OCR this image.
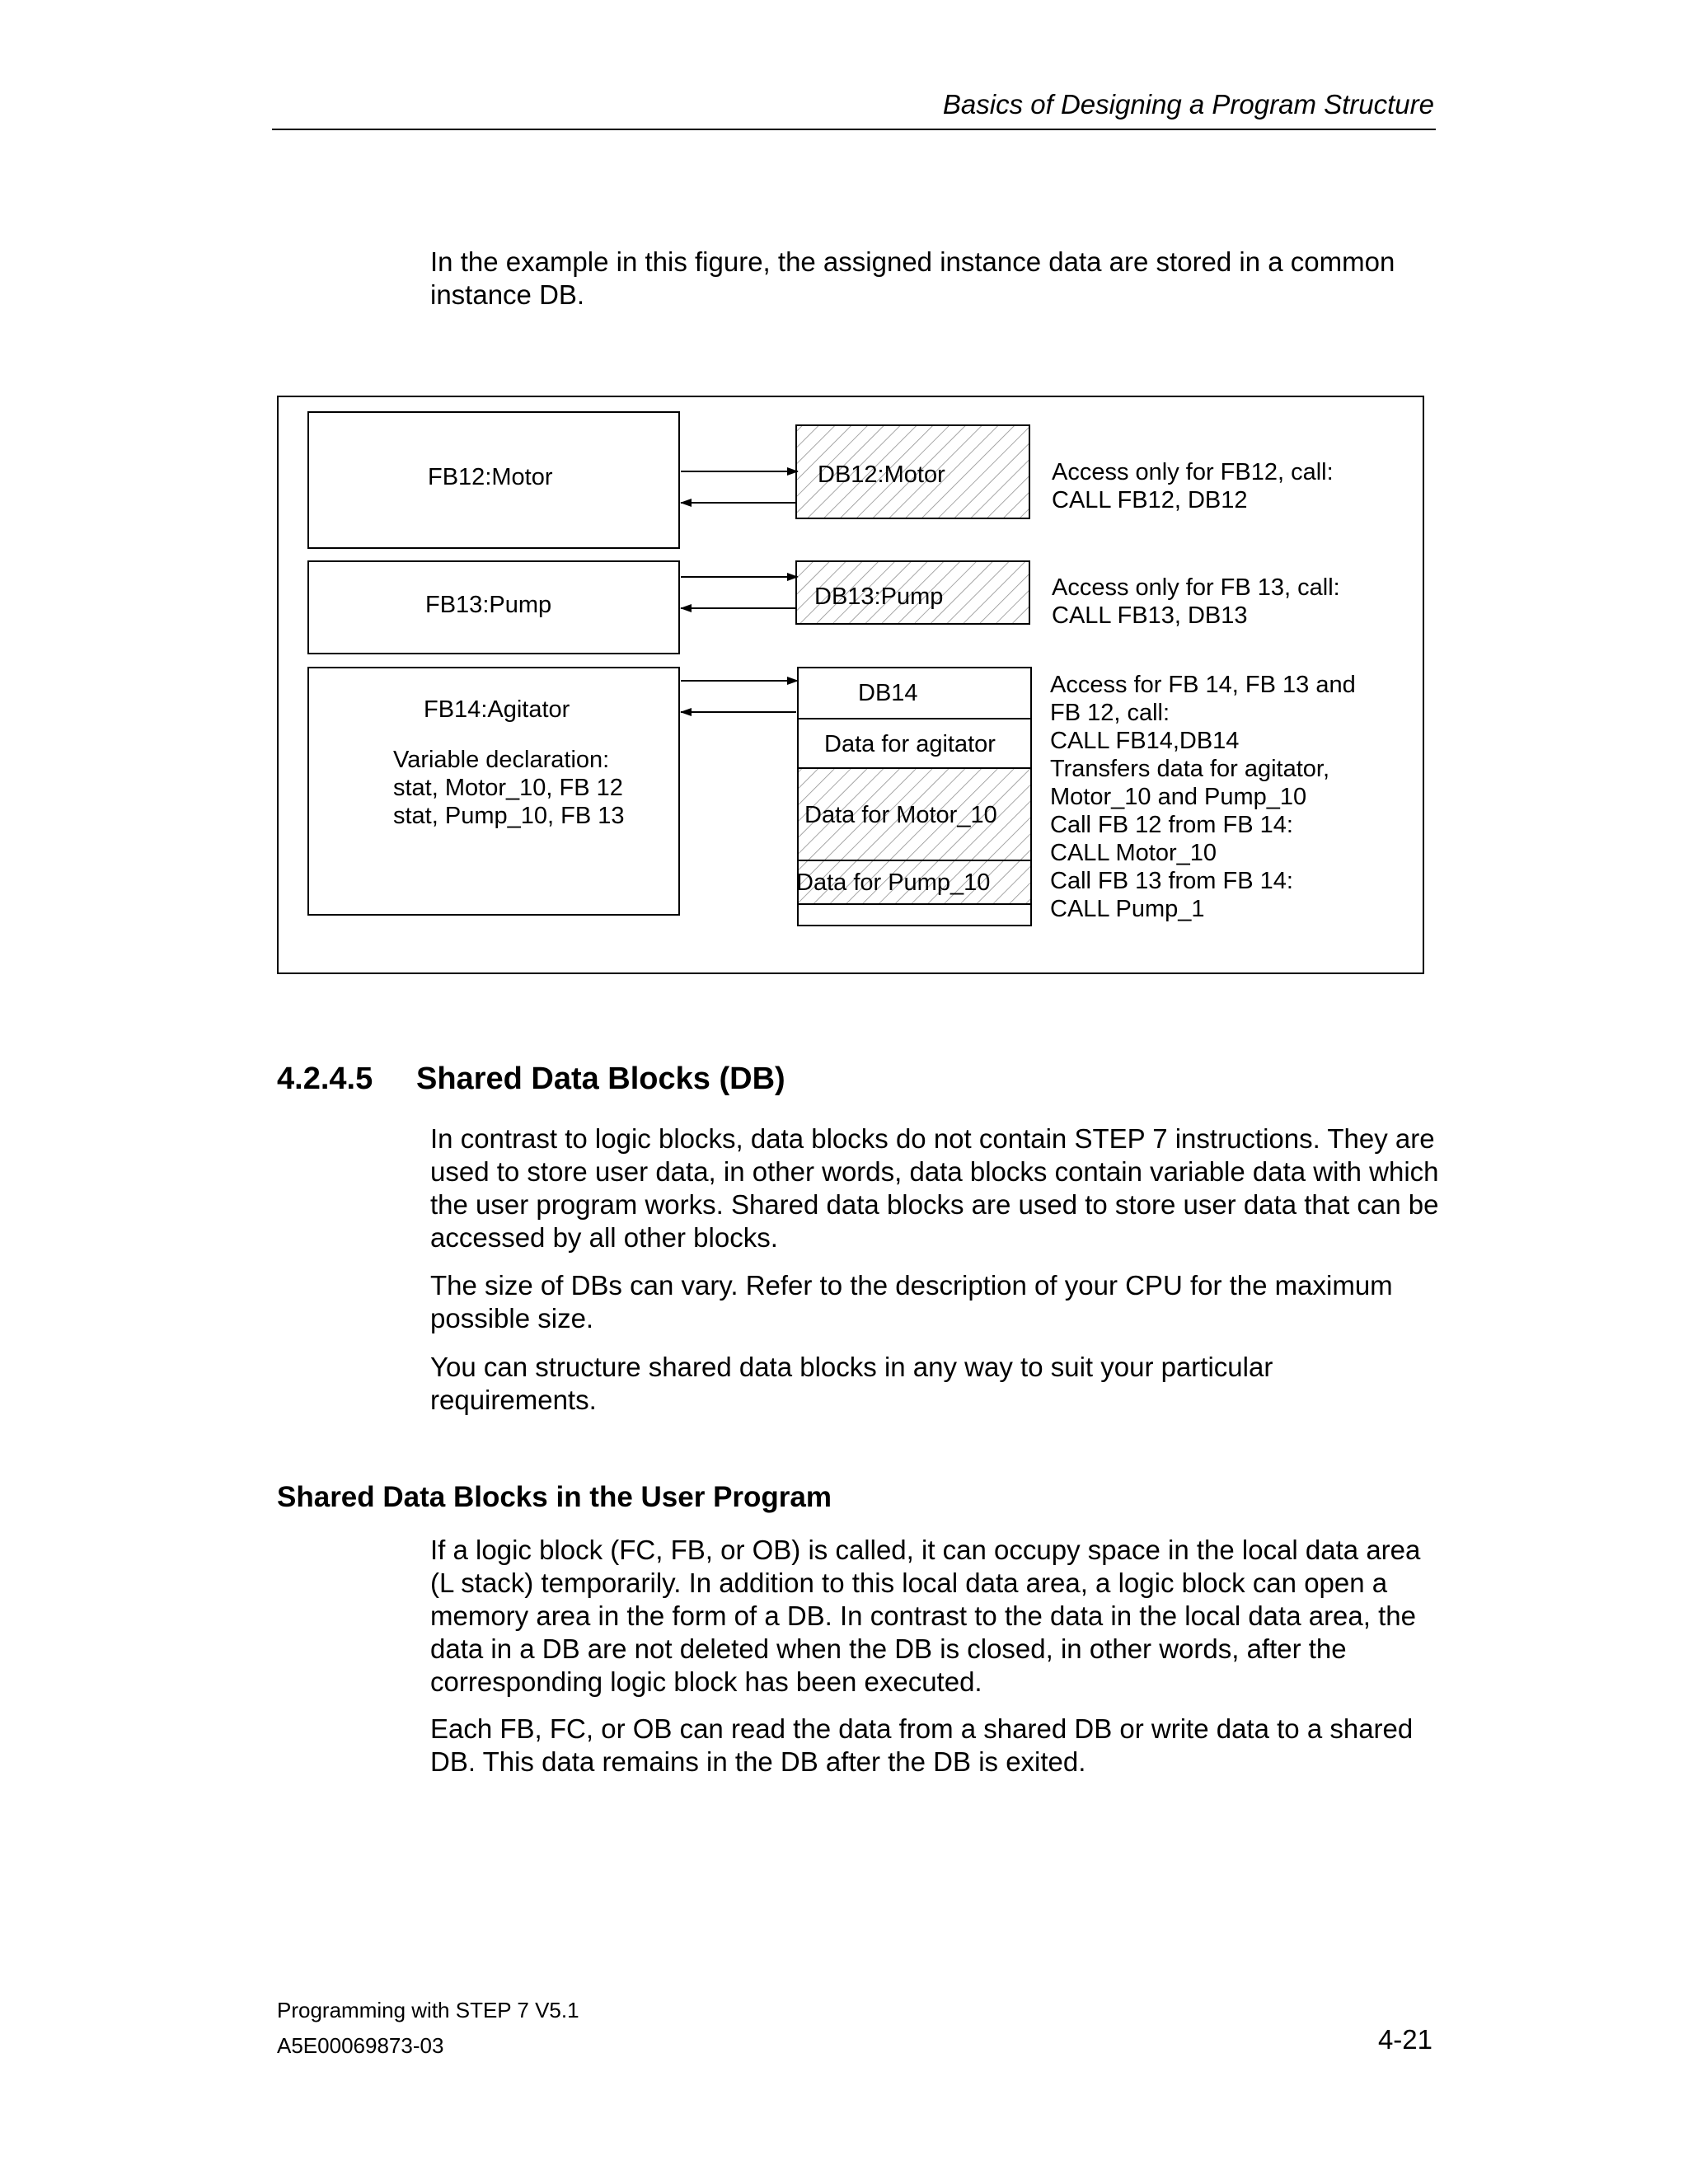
Basics of Designing a Program Structure

In the example in this figure, the assigned instance data are stored in a common instance DB.

FB12:Motor
FB13:Pump
FB14:Agitator
Variable declaration:
stat, Motor_10, FB 12
stat, Pump_10, FB 13
DB12:Motor
DB13:Pump
DB14
Data for agitator
Data for Motor_10
Data for Pump_10
Access only for FB12, call:
CALL FB12, DB12
Access only for FB 13, call:
CALL FB13, DB13
Access for FB 14, FB 13 and
FB 12, call:
CALL FB14,DB14
Transfers data for agitator,
Motor_10 and Pump_10
Call FB 12 from FB 14:
CALL Motor_10
Call FB 13 from FB 14:
CALL Pump_1
4.2.4.5 Shared Data Blocks (DB)

In contrast to logic blocks, data blocks do not contain STEP 7 instructions. They are used to store user data, in other words, data blocks contain variable data with which the user program works. Shared data blocks are used to store user data that can be accessed by all other blocks.

The size of DBs can vary. Refer to the description of your CPU for the maximum possible size.

You can structure shared data blocks in any way to suit your particular requirements.

Shared Data Blocks in the User Program

If a logic block (FC, FB, or OB) is called, it can occupy space in the local data area (L stack) temporarily. In addition to this local data area, a logic block can open a memory area in the form of a DB. In contrast to the data in the local data area, the data in a DB are not deleted when the DB is closed, in other words, after the corresponding logic block has been executed.

Each FB, FC, or OB can read the data from a shared DB or write data to a shared DB. This data remains in the DB after the DB is exited.

Programming with STEP 7 V5.1
A5E00069873-03	4-21
